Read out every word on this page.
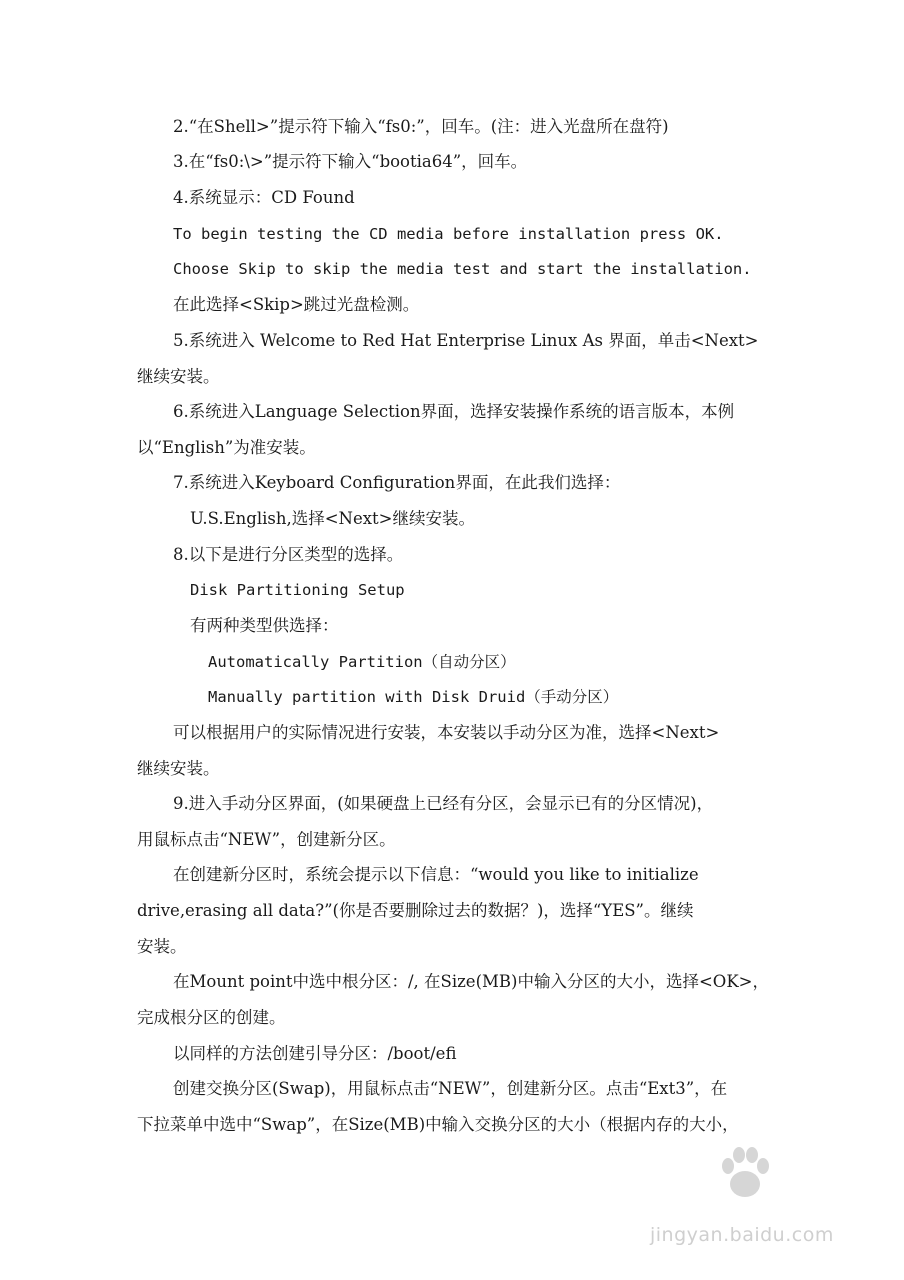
2.“在Shell>”提示符下输入“fs0:”，回车。(注：进入光盘所在盘符)
3.在“fs0:\>”提示符下输入“bootia64”，回车。
4.系统显示：CD Found
To begin testing the CD media before installation press OK.
Choose Skip to skip the media test and start the installation.
在此选择<Skip>跳过光盘检测。
5.系统进入 Welcome to Red Hat Enterprise Linux As 界面，单击<Next>
继续安装。
6.系统进入Language Selection界面，选择安装操作系统的语言版本，本例
以“English”为准安装。
7.系统进入Keyboard Configuration界面，在此我们选择：
U.S.English,选择<Next>继续安装。
8.以下是进行分区类型的选择。
Disk Partitioning Setup
有两种类型供选择：
Automatically Partition（自动分区）
Manually partition with Disk Druid（手动分区）
可以根据用户的实际情况进行安装，本安装以手动分区为准，选择<Next>
继续安装。
9.进入手动分区界面，(如果硬盘上已经有分区，会显示已有的分区情况)，
用鼠标点击“NEW”，创建新分区。
在创建新分区时，系统会提示以下信息：“would you like to initialize
drive,erasing all data?”(你是否要删除过去的数据？)，选择“YES”。继续
安装。
在Mount point中选中根分区：/, 在Size(MB)中输入分区的大小，选择<OK>，
完成根分区的创建。
以同样的方法创建引导分区：/boot/efi
创建交换分区(Swap)，用鼠标点击“NEW”，创建新分区。点击“Ext3”，在
下拉菜单中选中“Swap”，在Size(MB)中输入交换分区的大小（根据内存的大小，
jingyan.baidu.com
